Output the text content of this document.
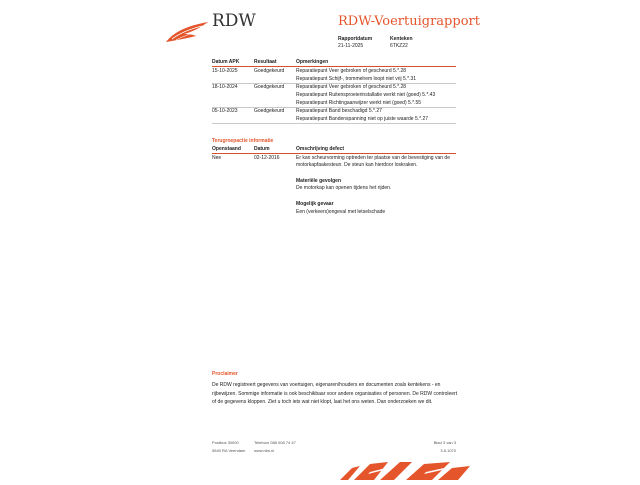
RDW	RDW-Voertuigrapport
Rapportdatum
21-11-2025
Kenteken
6TKZ22
Datum APK	Resultaat	Opmerkingen
15-10-2025	Goedgekeurd Reparatiepunt Veer gebroken of gescheurd 5.*.28
Reparatiepunt Schijf-, trommelrem loopt niet vrij 5.*.31
18-10-2024	Goedgekeurd Reparatiepunt Veer gebroken of gescheurd 5.*.28
Reparatiepunt Ruitensproeierinstallatie werkt niet (goed) 5.*.43
Reparatiepunt Richtingaanwijzer werkt niet (goed) 5.*.55
05-10-2023	Goedgekeurd Reparatiepunt Band beschadigd 5.*.27
Reparatiepunt Bandenspanning niet op juiste waarde 5.*.27
Terugroepactie informatie
Openstaand	Datum	Omschrijving defect
Nee	02-12-2016	Er kan scheurvorming optreden ter plaatse van de bevestiging van de motorkapfaakesteun. De steun kan hierdoor loskraken.
Materiële gevolgen
De motorkap kan openen tijdens het rijden.
Mogelijk gevaar
Een (verkeers)ongeval met letselschade
Proclaimer
De RDW registreert gegevens van voertuigen, eigenaren/houders en documenten zoals kentekens - en rijbewijzen. Sommige informatie is ook beschikbaar voor andere organisaties of personen. De RDW controleert of de gegevens kloppen. Ziet u toch iets wat niet klopt, laat het ons weten. Dan onderzoeken we dit.
Postbus 30000
9640 RA Veendam
Telefoon 088 008 74 47
www.rdw.nl
Blad 3 van 3
3.5.1070
